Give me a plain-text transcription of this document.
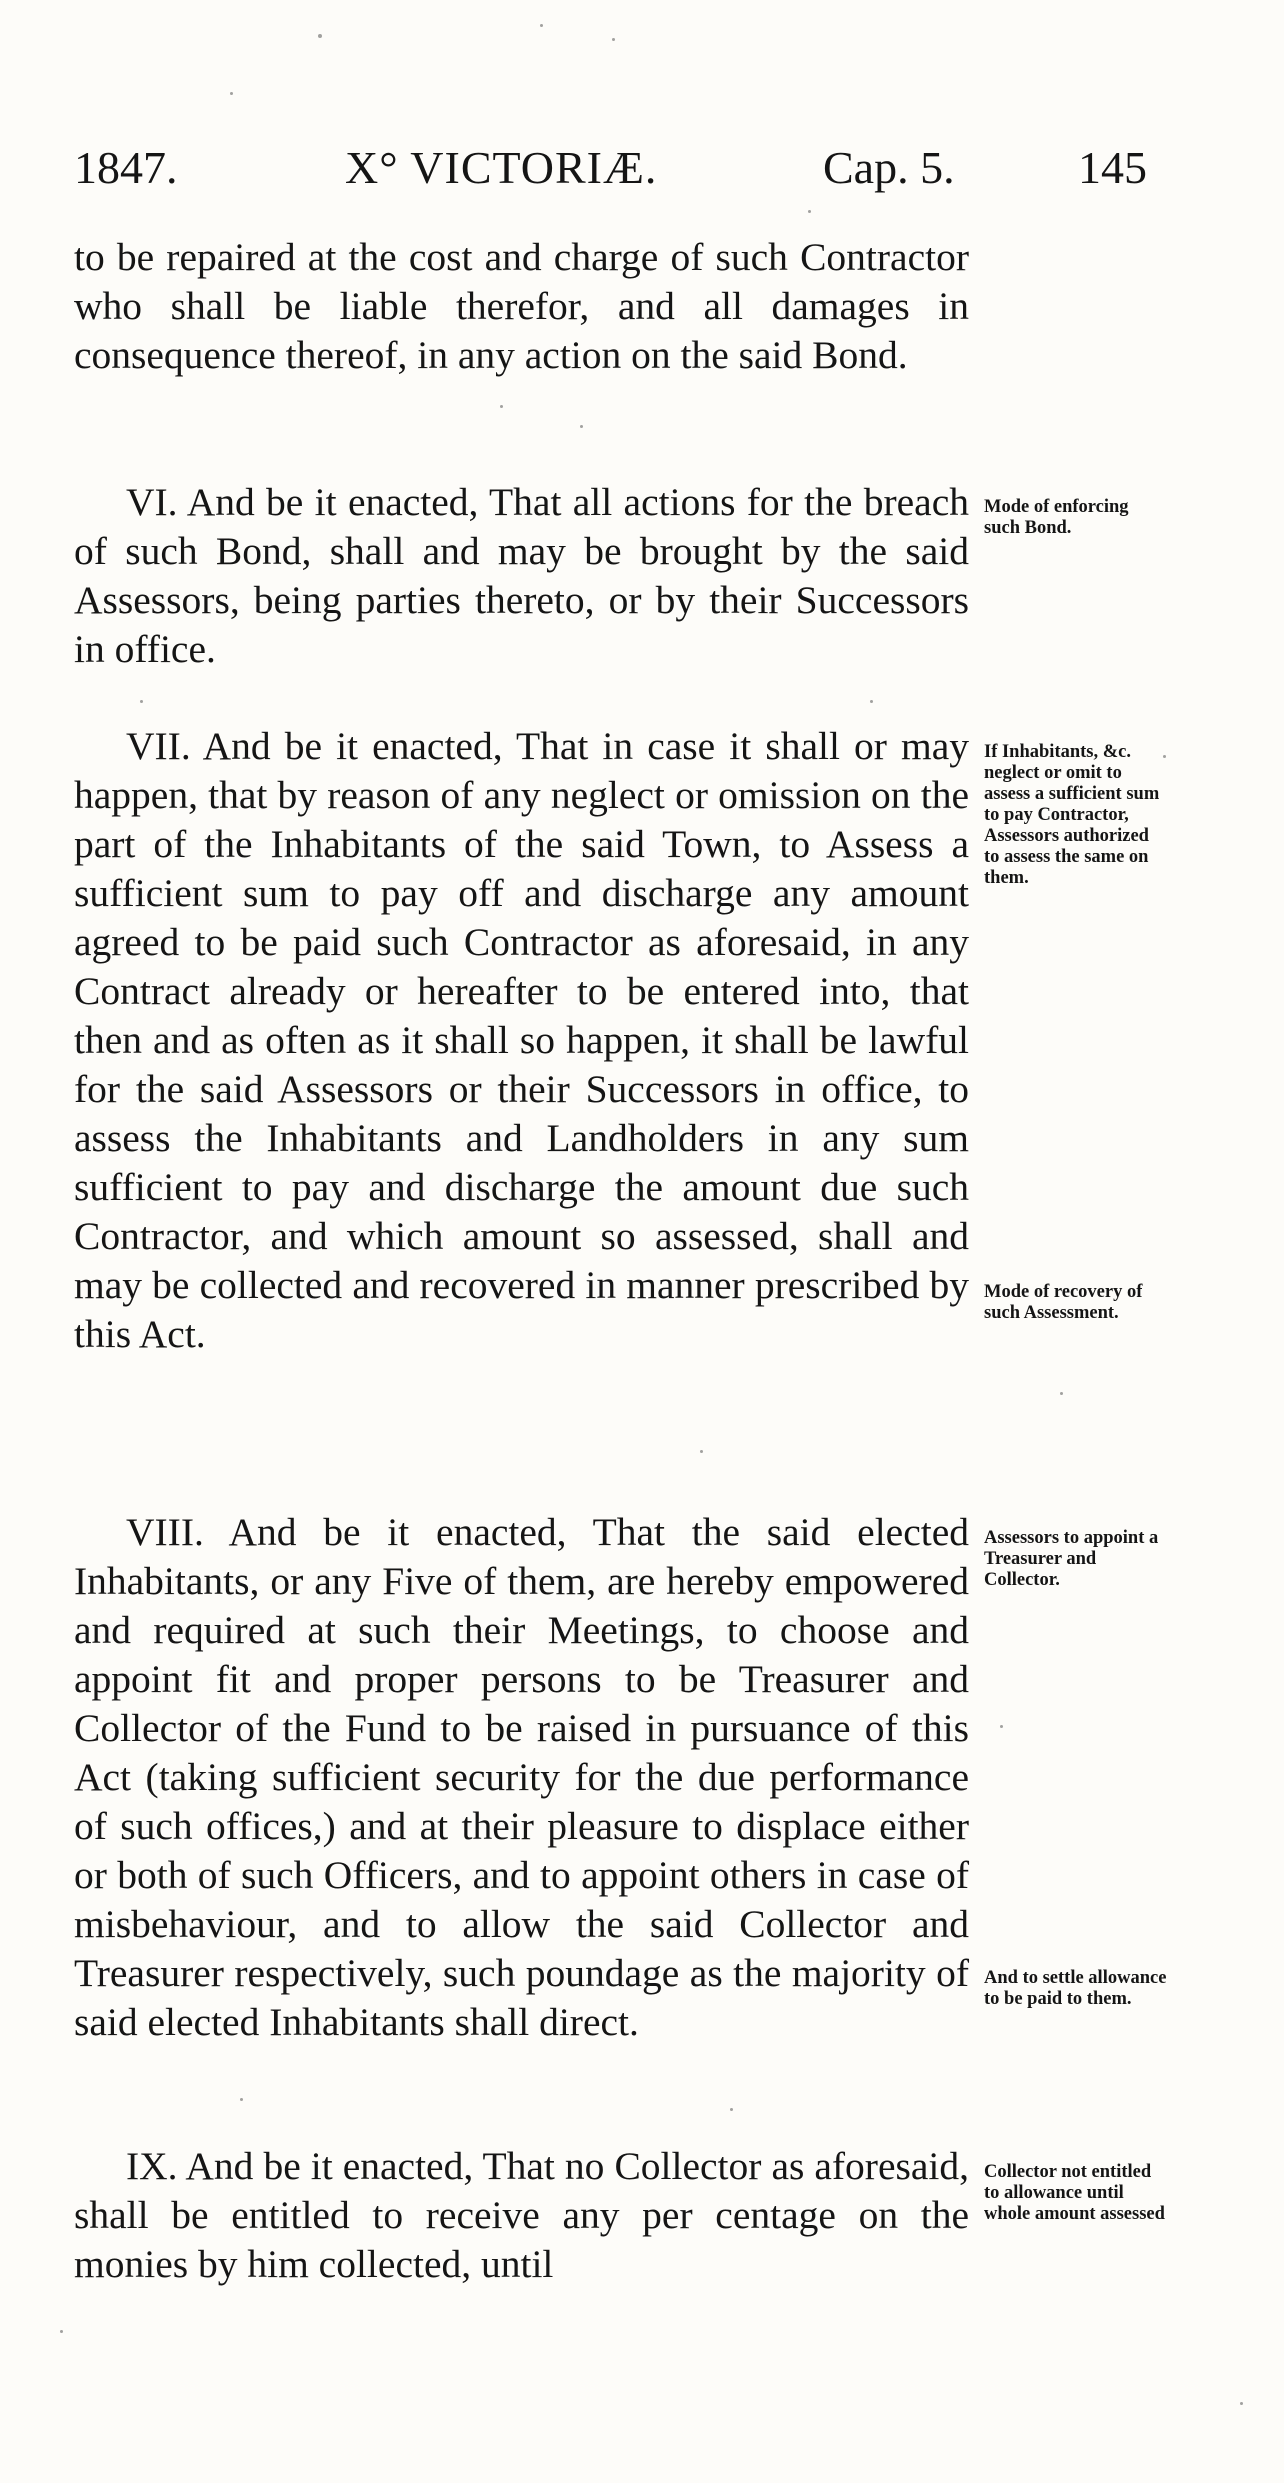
1847.	X° VICTORIÆ.	Cap. 5.	145

to be repaired at the cost and charge of such Contractor who shall be liable therefor, and all damages in consequence thereof, in any action on the said Bond.

VI. And be it enacted, That all actions for the breach of such Bond, shall and may be brought by the said Assessors, being parties thereto, or by their Successors in office.

VII. And be it enacted, That in case it shall or may happen, that by reason of any neglect or omission on the part of the Inhabitants of the said Town, to Assess a sufficient sum to pay off and discharge any amount agreed to be paid such Contractor as aforesaid, in any Contract already or hereafter to be entered into, that then and as often as it shall so happen, it shall be lawful for the said Assessors or their Successors in office, to assess the Inhabitants and Landholders in any sum sufficient to pay and discharge the amount due such Contractor, and which amount so assessed, shall and may be collected and recovered in manner prescribed by this Act.

VIII. And be it enacted, That the said elected Inhabitants, or any Five of them, are hereby empowered and required at such their Meetings, to choose and appoint fit and proper persons to be Treasurer and Collector of the Fund to be raised in pursuance of this Act (taking sufficient security for the due performance of such offices,) and at their pleasure to displace either or both of such Officers, and to appoint others in case of misbehaviour, and to allow the said Collector and Treasurer respectively, such poundage as the majority of said elected Inhabitants shall direct.

IX. And be it enacted, That no Collector as aforesaid, shall be entitled to receive any per centage on the monies by him collected, until

Mode of enforcing such Bond.

If Inhabitants, &c. neglect or omit to assess a sufficient sum to pay Contractor, Assessors authorized to assess the same on them.

Mode of recovery of such Assessment.

Assessors to appoint a Treasurer and Collector.

And to settle allowance to be paid to them.

Collector not entitled to allowance until whole amount assessed
